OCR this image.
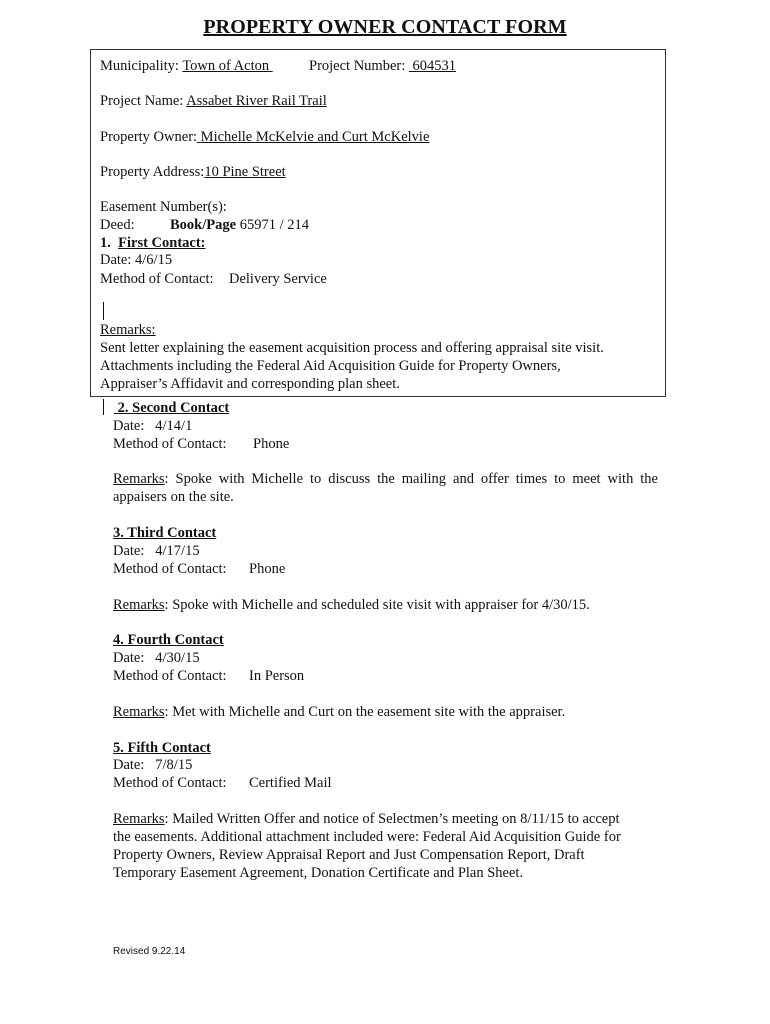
PROPERTY OWNER CONTACT FORM
Municipality: Town of Acton	Project Number: 604531
Project Name: Assabet River Rail Trail
Property Owner: Michelle McKelvie and Curt McKelvie
Property Address:10 Pine Street
Easement Number(s):
Deed: Book/Page 65971 / 214
1. First Contact:
Date: 4/6/15
Method of Contact: Delivery Service
Remarks:
Sent letter explaining the easement acquisition process and offering appraisal site visit.
Attachments including the Federal Aid Acquisition Guide for Property Owners,
Appraiser’s Affidavit and corresponding plan sheet.
2. Second Contact
Date: 4/14/1
Method of Contact: Phone
Remarks: Spoke with Michelle to discuss the mailing and offer times to meet with the appaisers on the site.
3. Third Contact
Date: 4/17/15
Method of Contact: Phone
Remarks: Spoke with Michelle and scheduled site visit with appraiser for 4/30/15.
4. Fourth Contact
Date: 4/30/15
Method of Contact: In Person
Remarks: Met with Michelle and Curt on the easement site with the appraiser.
5. Fifth Contact
Date: 7/8/15
Method of Contact: Certified Mail
Remarks: Mailed Written Offer and notice of Selectmen’s meeting on 8/11/15 to accept
the easements. Additional attachment included were: Federal Aid Acquisition Guide for
Property Owners, Review Appraisal Report and Just Compensation Report, Draft
Temporary Easement Agreement, Donation Certificate and Plan Sheet.
Revised 9.22.14
